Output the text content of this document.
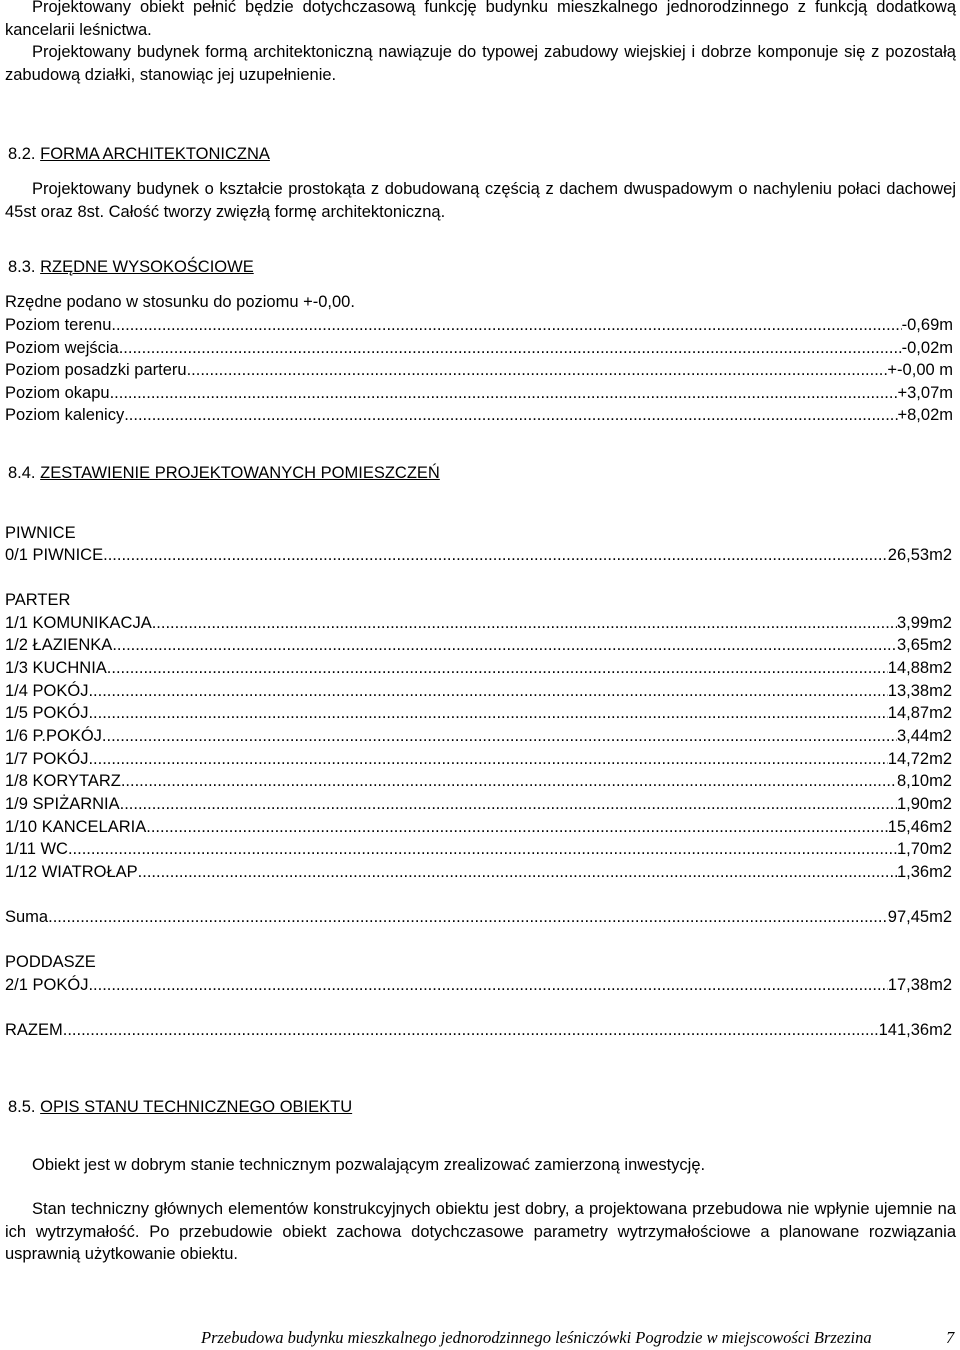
Projektowany obiekt pełnić będzie dotychczasową funkcję budynku mieszkalnego jednorodzinnego z funkcją dodatkową kancelarii leśnictwa.
Projektowany budynek formą architektoniczną nawiązuje do typowej zabudowy wiejskiej i dobrze komponuje się z pozostałą zabudową działki, stanowiąc jej uzupełnienie.
8.2. FORMA ARCHITEKTONICZNA
Projektowany budynek o kształcie prostokąta z dobudowaną częścią z dachem dwuspadowym o nachyleniu połaci dachowej 45st oraz 8st. Całość tworzy zwięzłą formę architektoniczną.
8.3. RZĘDNE WYSOKOŚCIOWE
Rzędne podano w stosunku do poziomu +-0,00.
Poziom terenu .....	-0,69m
Poziom wejścia .....	-0,02m
Poziom posadzki parteru .....	+-0,00 m
Poziom okapu .....	+3,07m
Poziom kalenicy .....	+8,02m
8.4. ZESTAWIENIE PROJEKTOWANYCH POMIESZCZEŃ
PIWNICE
0/1 PIWNICE .....	26,53m2
PARTER
1/1 KOMUNIKACJA .....	3,99m2
1/2 ŁAZIENKA .....	3,65m2
1/3 KUCHNIA .....	14,88m2
1/4 POKÓJ .....	13,38m2
1/5 POKÓJ .....	14,87m2
1/6 P.POKÓJ .....	3,44m2
1/7 POKÓJ .....	14,72m2
1/8 KORYTARZ .....	8,10m2
1/9 SPIŻARNIA .....	1,90m2
1/10 KANCELARIA .....	15,46m2
1/11 WC .....	1,70m2
1/12 WIATROŁAP .....	1,36m2
Suma .....	97,45m2
PODDASZE
2/1 POKÓJ .....	17,38m2
RAZEM .....	141,36m2
8.5. OPIS STANU TECHNICZNEGO OBIEKTU
Obiekt jest w dobrym stanie technicznym pozwalającym zrealizować zamierzoną inwestycję.
Stan techniczny głównych elementów konstrukcyjnych obiektu jest dobry, a projektowana przebudowa nie wpłynie ujemnie na ich wytrzymałość. Po przebudowie obiekt zachowa dotychczasowe parametry wytrzymałościowe a planowane rozwiązania usprawnią użytkowanie obiektu.
Przebudowa budynku mieszkalnego jednorodzinnego leśniczówki Pogrodzie w miejscowości Brzezina	7
